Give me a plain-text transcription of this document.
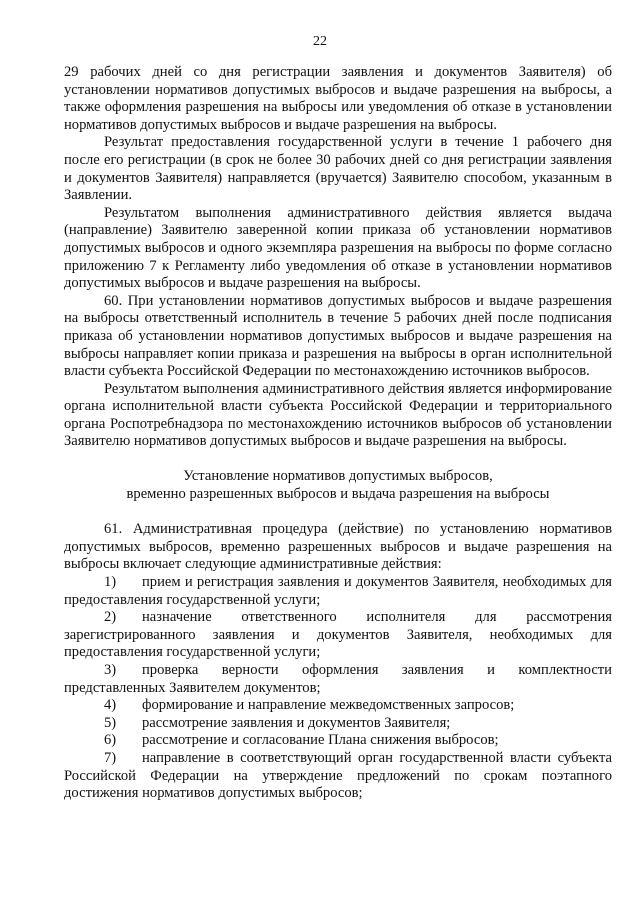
22

29 рабочих дней со дня регистрации заявления и документов Заявителя) об установлении нормативов допустимых выбросов и выдаче разрешения на выбросы, а также оформления разрешения на выбросы или уведомления об отказе в установлении нормативов допустимых выбросов и выдаче разрешения на выбросы.

Результат предоставления государственной услуги в течение 1 рабочего дня после его регистрации (в срок не более 30 рабочих дней со дня регистрации заявления и документов Заявителя) направляется (вручается) Заявителю способом, указанным в Заявлении.

Результатом выполнения административного действия является выдача (направление) Заявителю заверенной копии приказа об установлении нормативов допустимых выбросов и одного экземпляра разрешения на выбросы по форме согласно приложению 7 к Регламенту либо уведомления об отказе в установлении нормативов допустимых выбросов и выдаче разрешения на выбросы.

60. При установлении нормативов допустимых выбросов и выдаче разрешения на выбросы ответственный исполнитель в течение 5 рабочих дней после подписания приказа об установлении нормативов допустимых выбросов и выдаче разрешения на выбросы направляет копии приказа и разрешения на выбросы в орган исполнительной власти субъекта Российской Федерации по местонахождению источников выбросов.

Результатом выполнения административного действия является информирование органа исполнительной власти субъекта Российской Федерации и территориального органа Роспотребнадзора по местонахождению источников выбросов об установлении Заявителю нормативов допустимых выбросов и выдаче разрешения на выбросы.

Установление нормативов допустимых выбросов,
временно разрешенных выбросов и выдача разрешения на выбросы

61. Административная процедура (действие) по установлению нормативов допустимых выбросов, временно разрешенных выбросов и выдаче разрешения на выбросы включает следующие административные действия:

1) прием и регистрация заявления и документов Заявителя, необходимых для предоставления государственной услуги;

2) назначение ответственного исполнителя для рассмотрения зарегистрированного заявления и документов Заявителя, необходимых для предоставления государственной услуги;

3) проверка верности оформления заявления и комплектности представленных Заявителем документов;

4) формирование и направление межведомственных запросов;

5) рассмотрение заявления и документов Заявителя;

6) рассмотрение и согласование Плана снижения выбросов;

7) направление в соответствующий орган государственной власти субъекта Российской Федерации на утверждение предложений по срокам поэтапного достижения нормативов допустимых выбросов;
